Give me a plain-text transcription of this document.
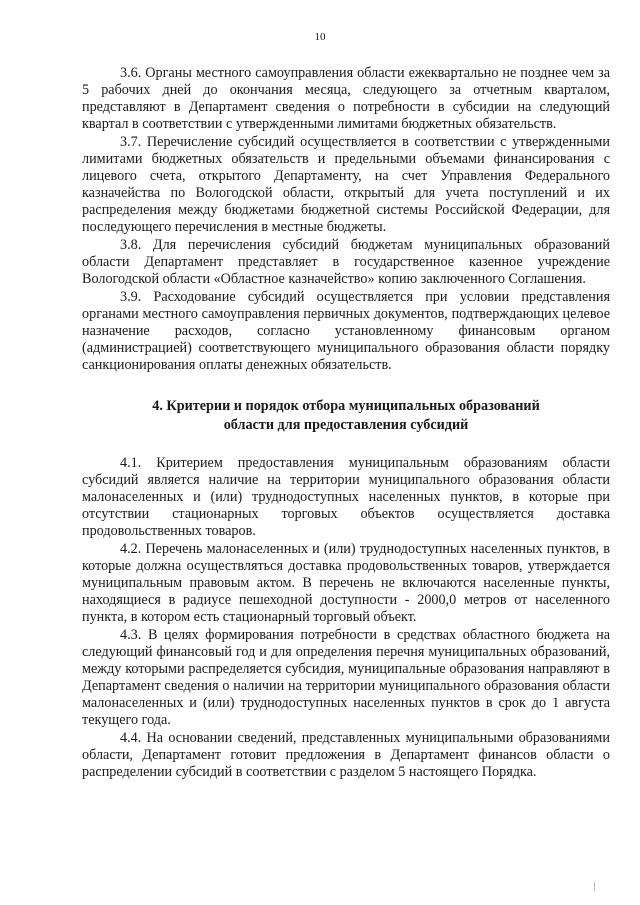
10

3.6. Органы местного самоуправления области ежеквартально не позднее чем за 5 рабочих дней до окончания месяца, следующего за отчетным кварталом, представляют в Департамент сведения о потребности в субсидии на следующий квартал в соответствии с утвержденными лимитами бюджетных обязательств.

3.7. Перечисление субсидий осуществляется в соответствии с утвержденными лимитами бюджетных обязательств и предельными объемами финансирования с лицевого счета, открытого Департаменту, на счет Управления Федерального казначейства по Вологодской области, открытый для учета поступлений и их распределения между бюджетами бюджетной системы Российской Федерации, для последующего перечисления в местные бюджеты.

3.8. Для перечисления субсидий бюджетам муниципальных образований области Департамент представляет в государственное казенное учреждение Вологодской области «Областное казначейство» копию заключенного Соглашения.

3.9. Расходование субсидий осуществляется при условии представления органами местного самоуправления первичных документов, подтверждающих целевое назначение расходов, согласно установленному финансовым органом (администрацией) соответствующего муниципального образования области порядку санкционирования оплаты денежных обязательств.

4. Критерии и порядок отбора муниципальных образований
области для предоставления субсидий

4.1. Критерием предоставления муниципальным образованиям области субсидий является наличие на территории муниципального образования области малонаселенных и (или) труднодоступных населенных пунктов, в которые при отсутствии стационарных торговых объектов осуществляется доставка продовольственных товаров.

4.2. Перечень малонаселенных и (или) труднодоступных населенных пунктов, в которые должна осуществляться доставка продовольственных товаров, утверждается муниципальным правовым актом. В перечень не включаются населенные пункты, находящиеся в радиусе пешеходной доступности - 2000,0 метров от населенного пункта, в котором есть стационарный торговый объект.

4.3. В целях формирования потребности в средствах областного бюджета на следующий финансовый год и для определения перечня муниципальных образований, между которыми распределяется субсидия, муниципальные образования направляют в Департамент сведения о наличии на территории муниципального образования области малонаселенных и (или) труднодоступных населенных пунктов в срок до 1 августа текущего года.

4.4. На основании сведений, представленных муниципальными образованиями области, Департамент готовит предложения в Департамент финансов области о распределении субсидий в соответствии с разделом 5 настоящего Порядка.
